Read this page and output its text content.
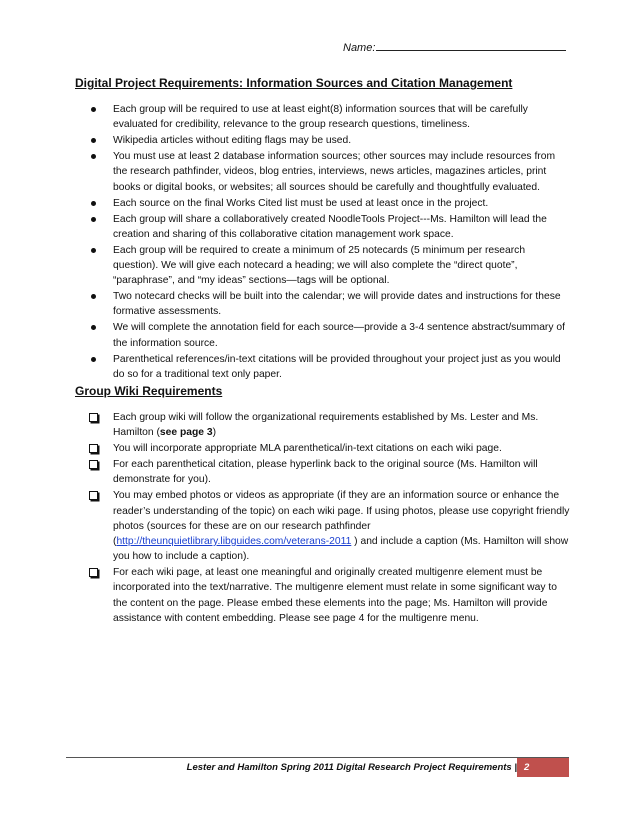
Name:
Digital Project Requirements: Information Sources and Citation Management
Each group will be required to use at least eight(8) information sources that will be carefully evaluated for credibility, relevance to the group research questions, timeliness.
Wikipedia articles without editing flags may be used.
You must use at least 2 database information sources; other sources may include resources from the research pathfinder, videos, blog entries, interviews, news articles, magazines articles, print books or digital books, or websites; all sources should be carefully and thoughtfully evaluated.
Each source on the final Works Cited list must be used at least once in the project.
Each group will share a collaboratively created NoodleTools Project---Ms. Hamilton will lead the creation and sharing of this collaborative citation management work space.
Each group will be required to create a minimum of 25 notecards (5 minimum per research question). We will give each notecard a heading; we will also complete the “direct quote”, “paraphrase”, and “my ideas” sections—tags will be optional.
Two notecard checks will be built into the calendar; we will provide dates and instructions for these formative assessments.
We will complete the annotation field for each source—provide a 3-4 sentence abstract/summary of the information source.
Parenthetical references/in-text citations will be provided throughout your project just as you would do so for a traditional text only paper.
Group Wiki Requirements
Each group wiki will follow the organizational requirements established by Ms. Lester and Ms. Hamilton (see page 3)
You will incorporate appropriate MLA parenthetical/in-text citations on each wiki page.
For each parenthetical citation, please hyperlink back to the original source (Ms. Hamilton will demonstrate for you).
You may embed photos or videos as appropriate (if they are an information source or enhance the reader’s understanding of the topic) on each wiki page. If using photos, please use copyright friendly photos (sources for these are on our research pathfinder (http://theunquietlibrary.libguides.com/veterans-2011 ) and include a caption (Ms. Hamilton will show you how to include a caption).
For each wiki page, at least one meaningful and originally created multigenre element must be incorporated into the text/narrative. The multigenre element must relate in some significant way to the content on the page. Please embed these elements into the page; Ms. Hamilton will provide assistance with content embedding. Please see page 4 for the multigenre menu.
Lester and Hamilton Spring 2011 Digital Research Project Requirements | 2
